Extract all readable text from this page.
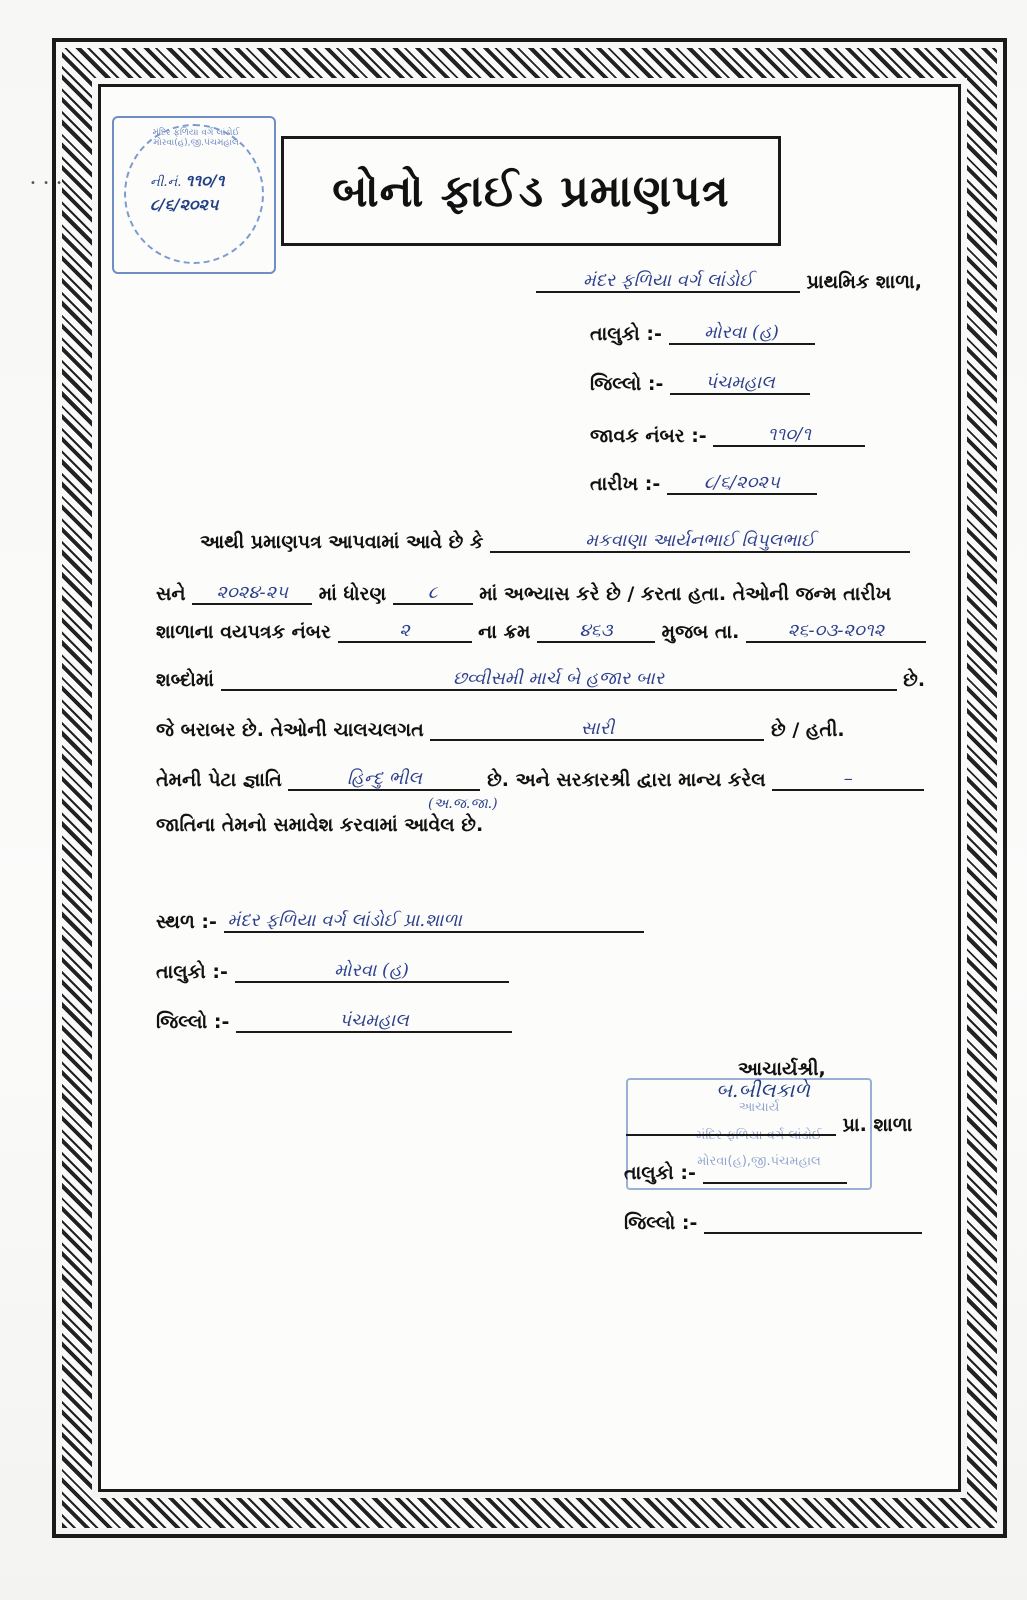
• • •
મંદિર ફળિયા વર્ગ લાંડોઈ મોરવા(હ),જી.પંચમહાલ
ની.નં. ૧૧૦/૧
૮/૬/૨૦૨૫	બોનો ફાઈડ પ્રમાણપત્ર
મંદર ફળિયા વર્ગ લાંડોઈ	પ્રાથમિક શાળા,
તાલુકો :- મોરવા (હ)
જિલ્લો :- પંચમહાલ
જાવક નંબર :-	૧૧૦/૧
તારીખ :- ૮/૬/૨૦૨૫
આથી પ્રમાણપત્ર આપવામાં આવે છે કે	મકવાણા આર્યનભાઈ વિપુલભાઈ
સને ૨૦૨૪-૨૫ માં ધોરણ ૮ માં અભ્યાસ કરે છે / કરતા હતા. તેઓની જન્મ તારીખ
શાળાના વયપત્રક નંબર	૨	ના ક્રમ	૪૬૩	મુજબ તા.	૨૬-૦૩-૨૦૧૨
શબ્દોમાં	છવ્વીસમી માર્ચ બે હજાર બાર	છે.
જે બરાબર છે. તેઓની ચાલચલગત	સારી	છે / હતી.
તેમની પેટા જ્ઞાતિ	હિન્દુ ભીલ	છે. અને સરકારશ્રી દ્વારા માન્ય કરેલ	–
(અ.જ.જા.)
જાતિના તેમનો સમાવેશ કરવામાં આવેલ છે.
સ્થળ :- મંદર ફળિયા વર્ગ લાંડોઈ પ્રા.શાળા
તાલુકો :-	મોરવા (હ)
જિલ્લો :-	પંચમહાલ
આચાર્ય
મંદિર ફળિયા વર્ગ લાંડોઈ
મોરવા(હ),જી.પંચમહાલ
આચાર્યશ્રી,
બ.બીલકાળે
પ્રા. શાળા
તાલુકો :-
જિલ્લો :-
